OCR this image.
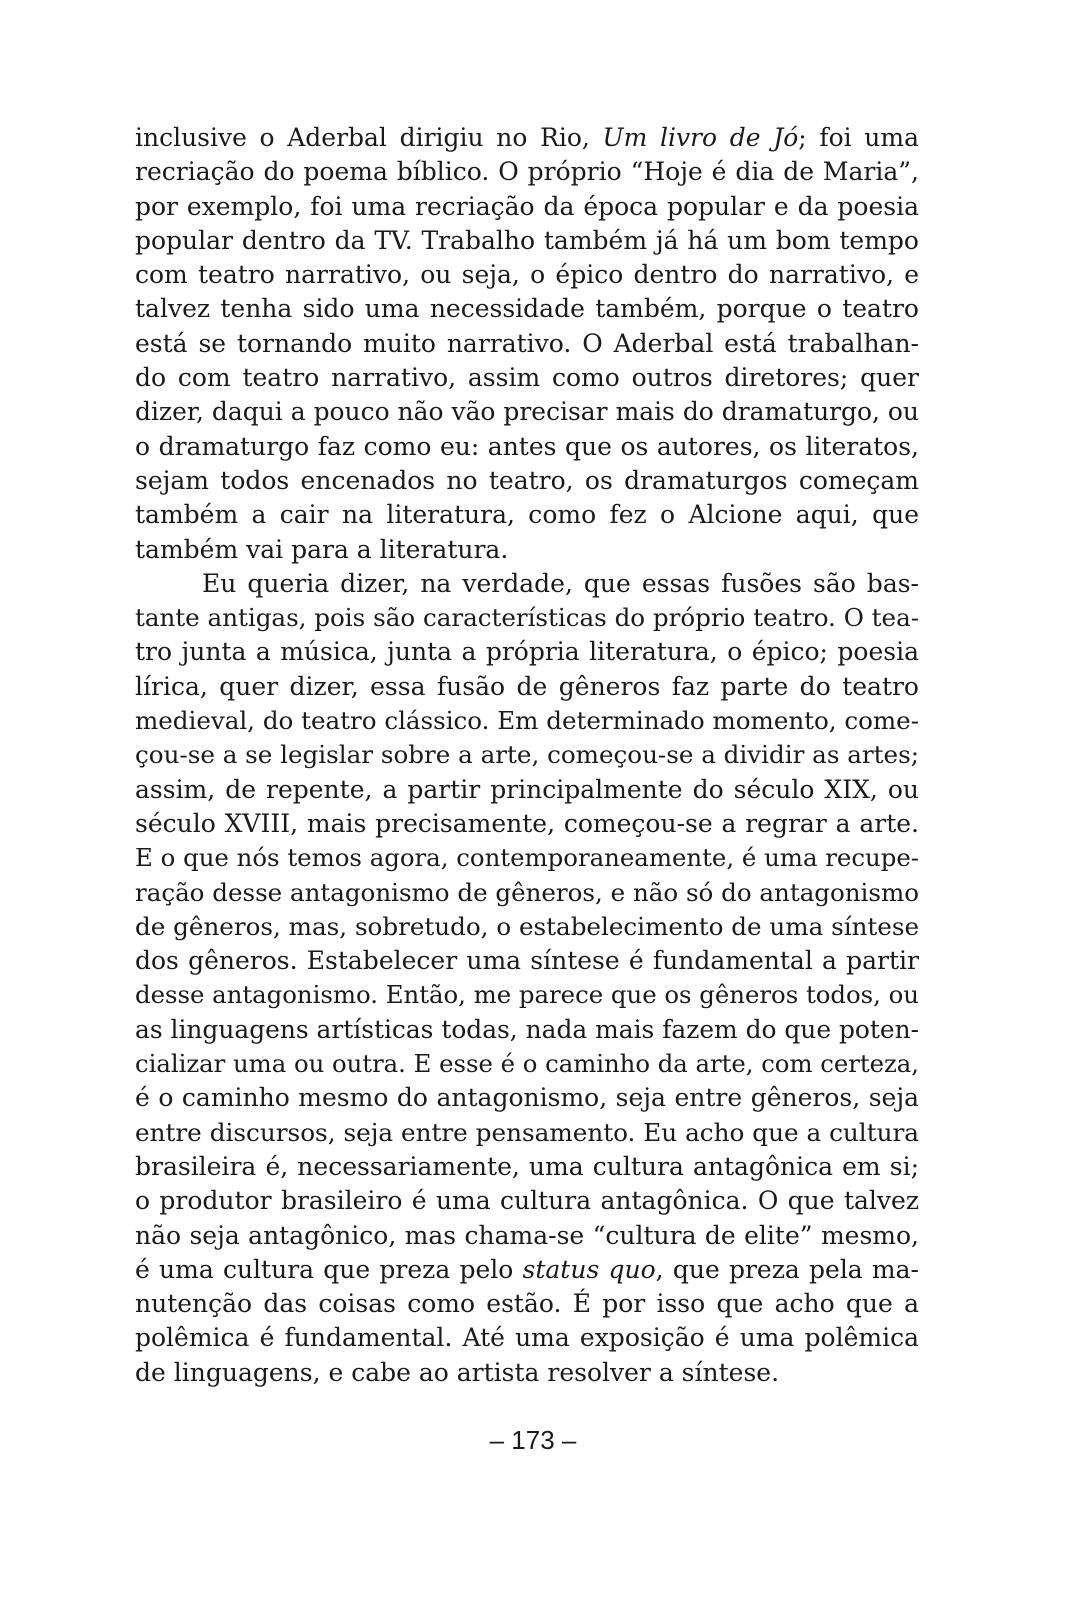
inclusive o Aderbal dirigiu no Rio, Um livro de Jó; foi uma
recriação do poema bíblico. O próprio “Hoje é dia de Maria”,
por exemplo, foi uma recriação da época popular e da poesia
popular dentro da TV. Trabalho também já há um bom tempo
com teatro narrativo, ou seja, o épico dentro do narrativo, e
talvez tenha sido uma necessidade também, porque o teatro
está se tornando muito narrativo. O Aderbal está trabalhan-
do com teatro narrativo, assim como outros diretores; quer
dizer, daqui a pouco não vão precisar mais do dramaturgo, ou
o dramaturgo faz como eu: antes que os autores, os literatos,
sejam todos encenados no teatro, os dramaturgos começam
também a cair na literatura, como fez o Alcione aqui, que
também vai para a literatura.
Eu queria dizer, na verdade, que essas fusões são bas-
tante antigas, pois são características do próprio teatro. O tea-
tro junta a música, junta a própria literatura, o épico; poesia
lírica, quer dizer, essa fusão de gêneros faz parte do teatro
medieval, do teatro clássico. Em determinado momento, come-
çou-se a se legislar sobre a arte, começou-se a dividir as artes;
assim, de repente, a partir principalmente do século XIX, ou
século XVIII, mais precisamente, começou-se a regrar a arte.
E o que nós temos agora, contemporaneamente, é uma recupe-
ração desse antagonismo de gêneros, e não só do antagonismo
de gêneros, mas, sobretudo, o estabelecimento de uma síntese
dos gêneros. Estabelecer uma síntese é fundamental a partir
desse antagonismo. Então, me parece que os gêneros todos, ou
as linguagens artísticas todas, nada mais fazem do que poten-
cializar uma ou outra. E esse é o caminho da arte, com certeza,
é o caminho mesmo do antagonismo, seja entre gêneros, seja
entre discursos, seja entre pensamento. Eu acho que a cultura
brasileira é, necessariamente, uma cultura antagônica em si;
o produtor brasileiro é uma cultura antagônica. O que talvez
não seja antagônico, mas chama-se “cultura de elite” mesmo,
é uma cultura que preza pelo status quo, que preza pela ma-
nutenção das coisas como estão. É por isso que acho que a
polêmica é fundamental. Até uma exposição é uma polêmica
de linguagens, e cabe ao artista resolver a síntese.
– 173 –
